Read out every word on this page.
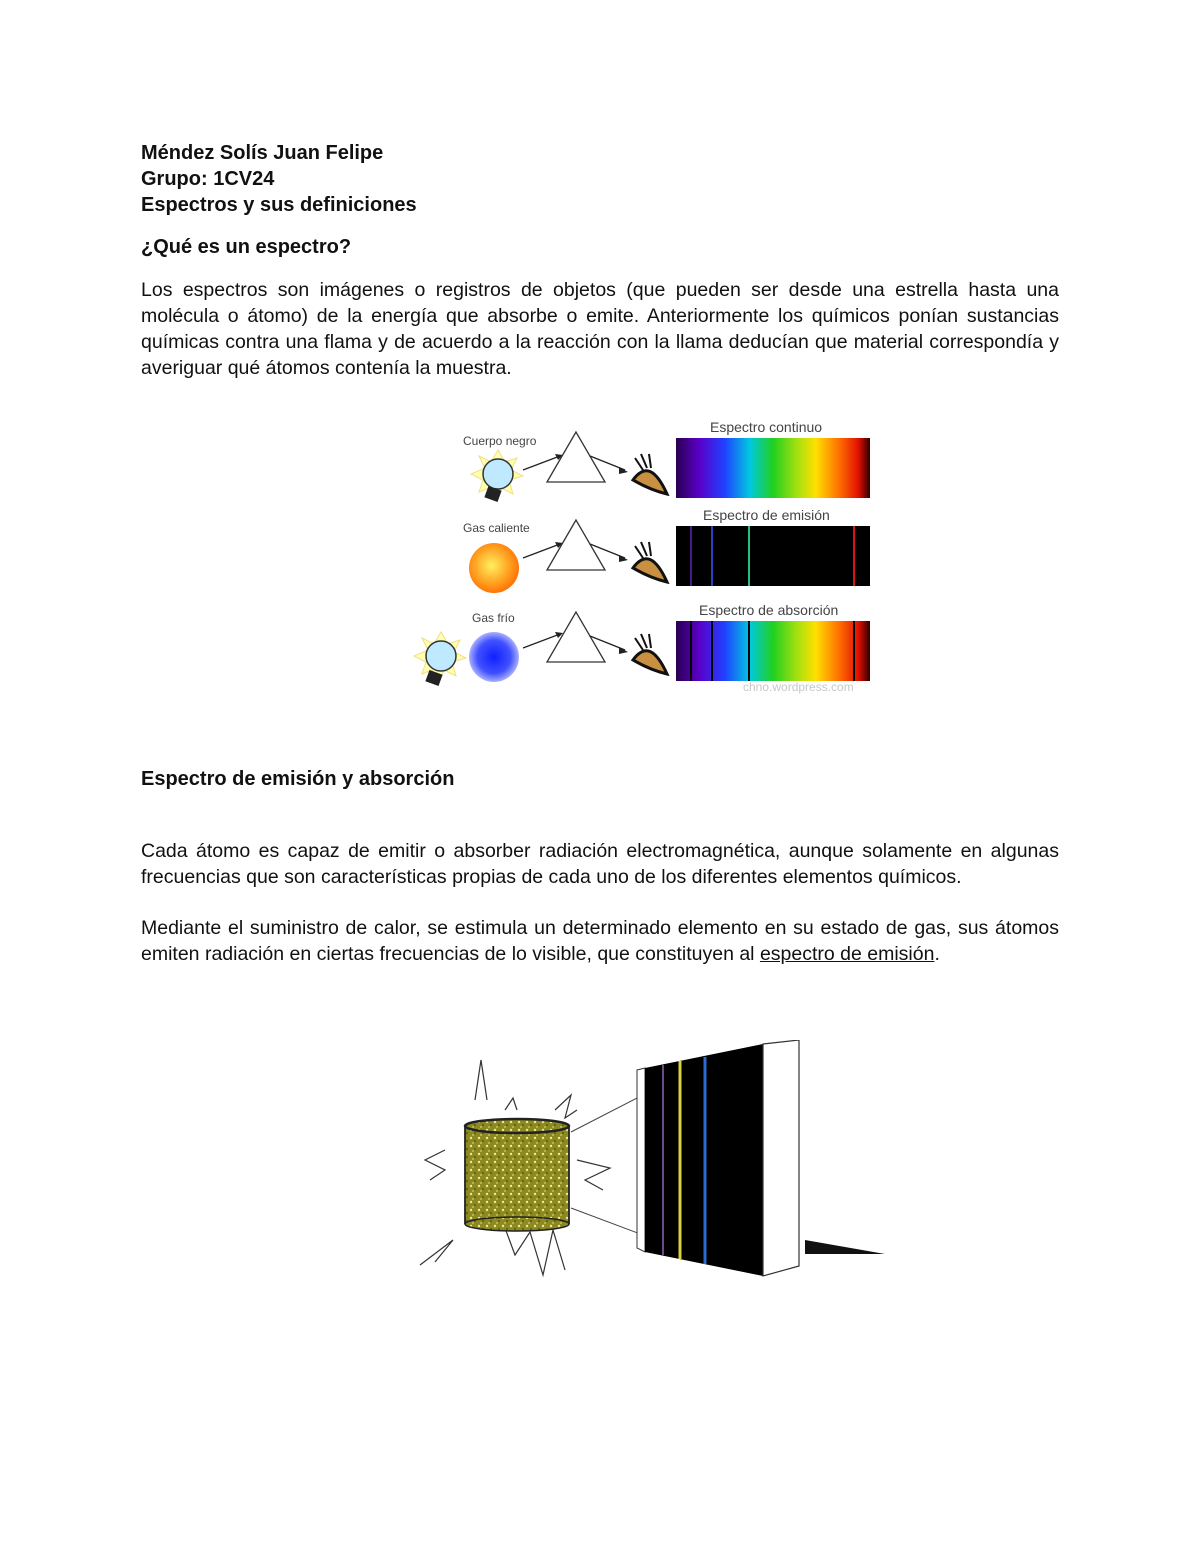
Méndez Solís Juan Felipe

Grupo: 1CV24

Espectros y sus definiciones

¿Qué es un espectro?

Los espectros son imágenes o registros de objetos (que pueden ser desde una estrella hasta una molécula o átomo) de la energía que absorbe o emite. Anteriormente los químicos ponían sustancias químicas contra una flama y de acuerdo a la reacción con la llama deducían que material correspondía y averiguar qué átomos contenía la muestra.

Cuerpo negro
Espectro continuo
Gas caliente
Espectro de emisión
Gas frío	Espectro de absorción
chno.wordpress.com

Espectro de emisión y absorción

Cada átomo es capaz de emitir o absorber radiación electromagnética, aunque solamente en algunas frecuencias que son características propias de cada uno de los diferentes elementos químicos.

Mediante el suministro de calor, se estimula un determinado elemento en su estado de gas, sus átomos emiten radiación en ciertas frecuencias de lo visible, que constituyen al espectro de emisión.
